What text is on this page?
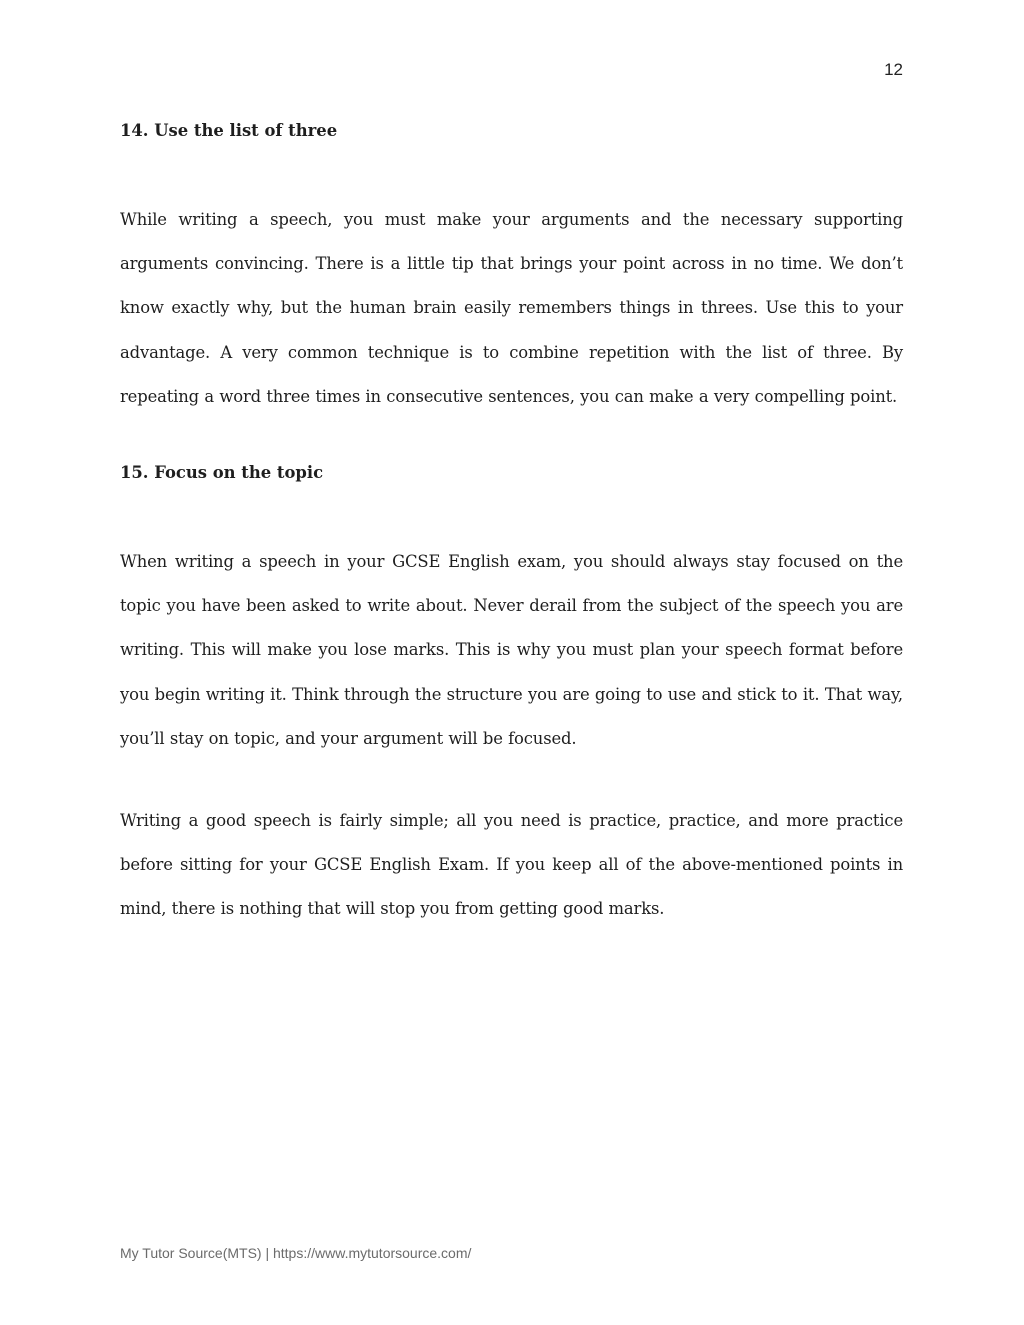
12

14. Use the list of three

While writing a speech, you must make your arguments and the necessary supporting arguments convincing. There is a little tip that brings your point across in no time. We don’t know exactly why, but the human brain easily remembers things in threes. Use this to your advantage. A very common technique is to combine repetition with the list of three. By repeating a word three times in consecutive sentences, you can make a very compelling point.

15. Focus on the topic

When writing a speech in your GCSE English exam, you should always stay focused on the topic you have been asked to write about. Never derail from the subject of the speech you are writing. This will make you lose marks. This is why you must plan your speech format before you begin writing it. Think through the structure you are going to use and stick to it. That way, you’ll stay on topic, and your argument will be focused.

Writing a good speech is fairly simple; all you need is practice, practice, and more practice before sitting for your GCSE English Exam. If you keep all of the above-mentioned points in mind, there is nothing that will stop you from getting good marks.

My Tutor Source(MTS) | https://www.mytutorsource.com/
